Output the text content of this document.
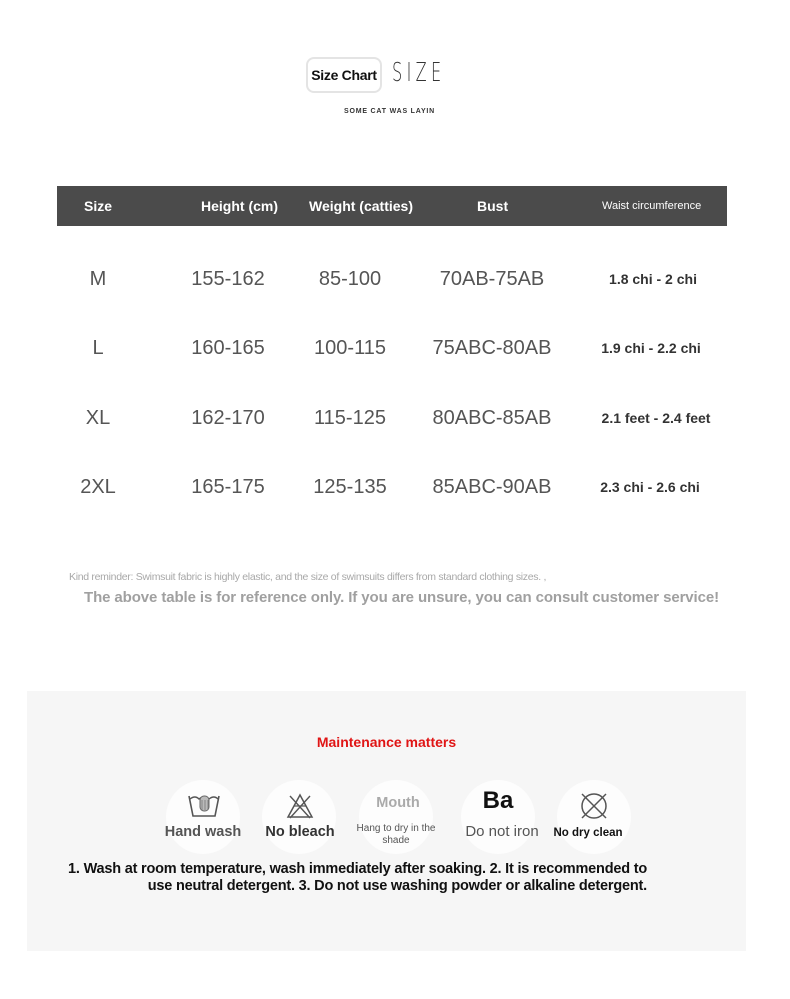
Size Chart SIZE
SOME CAT WAS LAYIN
Size	Height (cm) Weight (catties)	Bust	Waist circumference
M	155-162	85-100	70AB-75AB	1.8 chi - 2 chi
L	160-165 100-115 75ABC-80AB	1.9 chi - 2.2 chi
XL	162-170 115-125 80ABC-85AB	2.1 feet - 2.4 feet
2XL	165-175 125-135 85ABC-90AB	2.3 chi - 2.6 chi
Kind reminder: Swimsuit fabric is highly elastic, and the size of swimsuits differs from standard clothing sizes. ,
The above table is for reference only. If you are unsure, you can consult customer service!
Maintenance matters
Hand wash No bleach
Mouth
Hang to dry in the shade
Ba
Do not iron No dry clean
1. Wash at room temperature, wash immediately after soaking. 2. It is recommended to
use neutral detergent. 3. Do not use washing powder or alkaline detergent.
